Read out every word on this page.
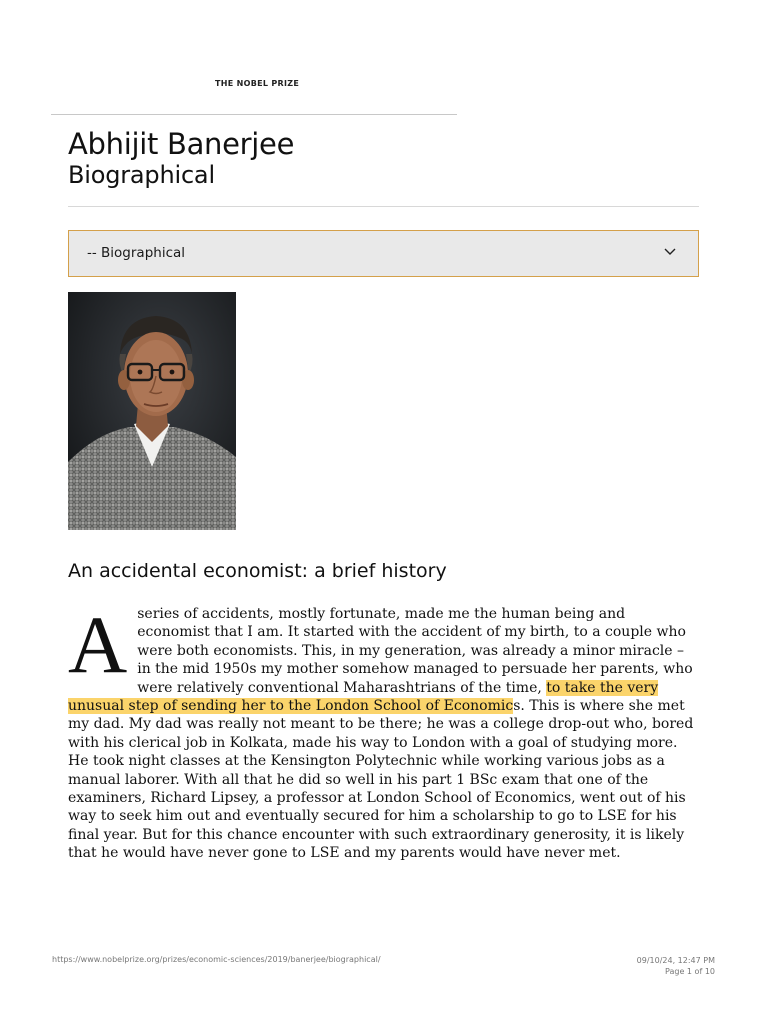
THE NOBEL PRIZE
Abhijit Banerjee
Biographical
-- Biographical
An accidental economist: a brief history

A series of accidents, mostly fortunate, made me the human being and economist that I am. It started with the accident of my birth, to a couple who were both economists. This, in my generation, was already a minor miracle – in the mid 1950s my mother somehow managed to persuade her parents, who were relatively conventional Maharashtrians of the time, to take the very unusual step of sending her to the London School of Economics. This is where she met my dad. My dad was really not meant to be there; he was a college drop-out who, bored with his clerical job in Kolkata, made his way to London with a goal of studying more. He took night classes at the Kensington Polytechnic while working various jobs as a manual laborer. With all that he did so well in his part 1 BSc exam that one of the examiners, Richard Lipsey, a professor at London School of Economics, went out of his way to seek him out and eventually secured for him a scholarship to go to LSE for his final year. But for this chance encounter with such extraordinary generosity, it is likely that he would have never gone to LSE and my parents would have never met.

https://www.nobelprize.org/prizes/economic-sciences/2019/banerjee/biographical/	09/10/24, 12:47 PM
Page 1 of 10
